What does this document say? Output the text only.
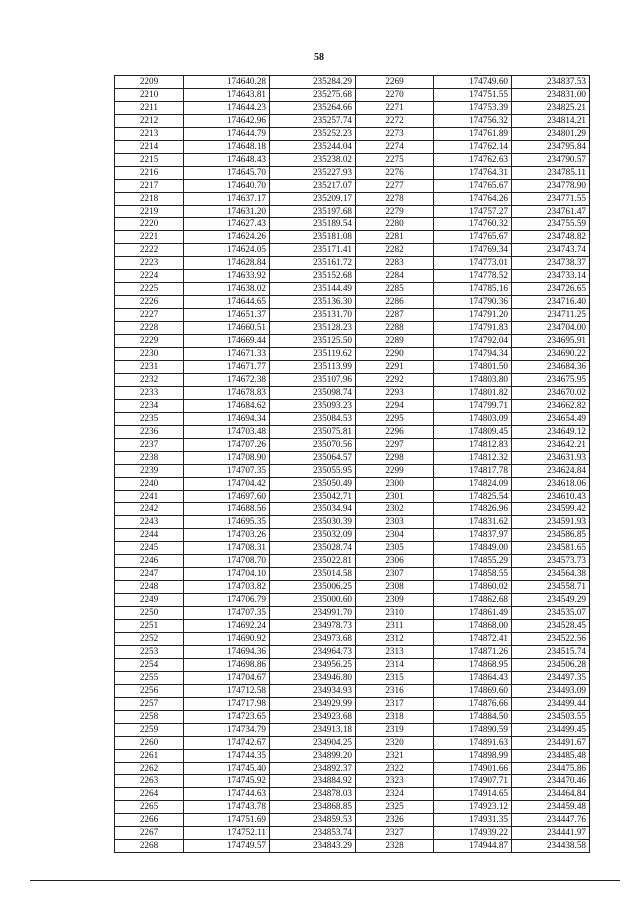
58
2209	174640.28	235284.29	2269	174749.60	234837.53
2210	174643.81	235275.68	2270	174751.55	234831.00
2211	174644.23	235264.66	2271	174753.39	234825.21
2212	174642.96	235257.74	2272	174756.32	234814.21
2213	174644.79	235252.23	2273	174761.89	234801.29
2214	174648.18	235244.04	2274	174762.14	234795.84
2215	174648.43	235238.02	2275	174762.63	234790.57
2216	174645.70	235227.93	2276	174764.31	234785.11
2217	174640.70	235217.07	2277	174765.67	234778.90
2218	174637.17	235209.17	2278	174764.26	234771.55
2219	174631.20	235197.68	2279	174757.27	234761.47
2220	174627.43	235189.54	2280	174760.32	234755.59
2221	174624.26	235181.08	2281	174765.67	234748.82
2222	174624.05	235171.41	2282	174769.34	234743.74
2223	174628.84	235161.72	2283	174773.01	234738.37
2224	174633.92	235152.68	2284	174778.52	234733.14
2225	174638.02	235144.49	2285	174785.16	234726.65
2226	174644.65	235136.30	2286	174790.36	234716.40
2227	174651.37	235131.70	2287	174791.20	234711.25
2228	174660.51	235128.23	2288	174791.83	234704.00
2229	174669.44	235125.50	2289	174792.04	234695.91
2230	174671.33	235119.62	2290	174794.34	234690.22
2231	174671.77	235113.99	2291	174801.50	234684.36
2232	174672.38	235107.96	2292	174803.80	234675.95
2233	174678.83	235098.74	2293	174801.82	234670.02
2234	174684.62	235093.23	2294	174799.71	234662.82
2235	174694.34	235084.53	2295	174803.09	234654.49
2236	174703.48	235075.81	2296	174809.45	234649.12
2237	174707.26	235070.56	2297	174812.83	234642.21
2238	174708.90	235064.57	2298	174812.32	234631.93
2239	174707.35	235055.95	2299	174817.78	234624.84
2240	174704.42	235050.49	2300	174824.09	234618.06
2241	174697.60	235042.71	2301	174825.54	234610.43
2242	174688.56	235034.94	2302	174826.96	234599.42
2243	174695.35	235030.39	2303	174831.62	234591.93
2244	174703.26	235032.09	2304	174837.97	234586.85
2245	174708.31	235028.74	2305	174849.00	234581.65
2246	174708.70	235022.81	2306	174855.29	234573.73
2247	174704.10	235014.58	2307	174858.55	234564.38
2248	174703.82	235006.25	2308	174860.02	234558.71
2249	174706.79	235000.60	2309	174862.68	234549.29
2250	174707.35	234991.70	2310	174861.49	234535.07
2251	174692.24	234978.73	2311	174868.00	234528.45
2252	174690.92	234973.68	2312	174872.41	234522.56
2253	174694.36	234964.73	2313	174871.26	234515.74
2254	174698.86	234956.25	2314	174868.95	234506.28
2255	174704.67	234946.80	2315	174864.43	234497.35
2256	174712.58	234934.93	2316	174869.60	234493.09
2257	174717.98	234929.99	2317	174876.66	234499.44
2258	174723.65	234923.68	2318	174884.50	234503.55
2259	174734.79	234913.18	2319	174890.59	234499.45
2260	174742.67	234904.25	2320	174891.63	234491.67
2261	174744.35	234899.20	2321	174898.99	234485.48
2262	174745.40	234892.37	2322	174901.66	234475.86
2263	174745.92	234884.92	2323	174907.71	234470.46
2264	174744.63	234878.03	2324	174914.65	234464.84
2265	174743.78	234868.85	2325	174923.12	234459.48
2266	174751.69	234859.53	2326	174931.35	234447.76
2267	174752.11	234853.74	2327	174939.22	234441.97
2268	174749.57	234843.29	2328	174944.87	234438.58
